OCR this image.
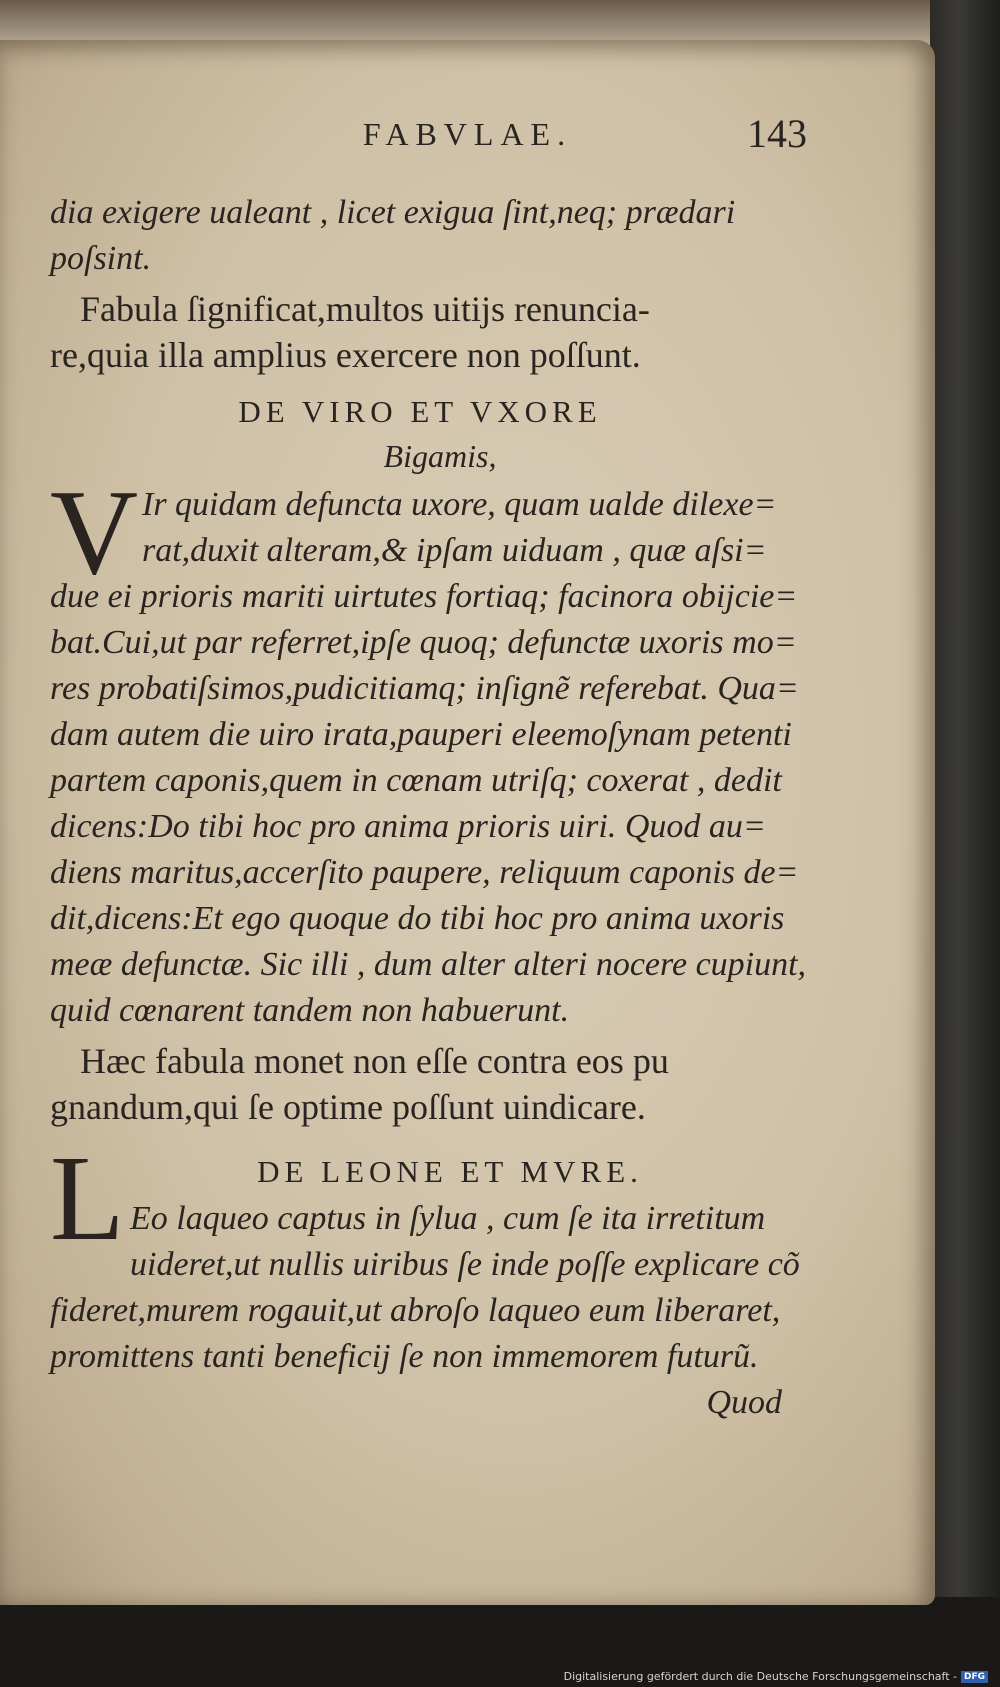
FABVLAE.	143
dia exigere ualeant , licet exigua ſint,neq; prædari
poſsint.
Fabula ſignificat,multos uitijs renuncia-
re,quia illa amplius exercere non poſſunt.
DE VIRO ET VXORE
Bigamis,
V Ir quidam defuncta uxore, quam ualde dilexe=
rat,duxit alteram,& ipſam uiduam , quæ aſsi=
due ei prioris mariti uirtutes fortiaq; facinora obijcie=
bat.Cui,ut par referret,ipſe quoq; defunctæ uxoris mo=
res probatiſsimos,pudicitiamq; inſignẽ referebat. Qua=
dam autem die uiro irata,pauperi eleemoſynam petenti
partem caponis,quem in cœnam utriſq; coxerat , dedit
dicens:Do tibi hoc pro anima prioris uiri. Quod au=
diens maritus,accerſito paupere, reliquum caponis de=
dit,dicens:Et ego quoque do tibi hoc pro anima uxoris
meæ defunctæ. Sic illi , dum alter alteri nocere cupiunt,
quid cœnarent tandem non habuerunt.
Hæc fabula monet non eſſe contra eos pu
gnandum,qui ſe optime poſſunt uindicare.
L	DE LEONE ET MVRE.
Eo laqueo captus in ſylua , cum ſe ita irretitum
uideret,ut nullis uiribus ſe inde poſſe explicare cõ
fideret,murem rogauit,ut abroſo laqueo eum liberaret,
promittens tanti beneficij ſe non immemorem futurũ.
Quod
Digitalisierung gefördert durch die Deutsche Forschungsgemeinschaft - DFG
